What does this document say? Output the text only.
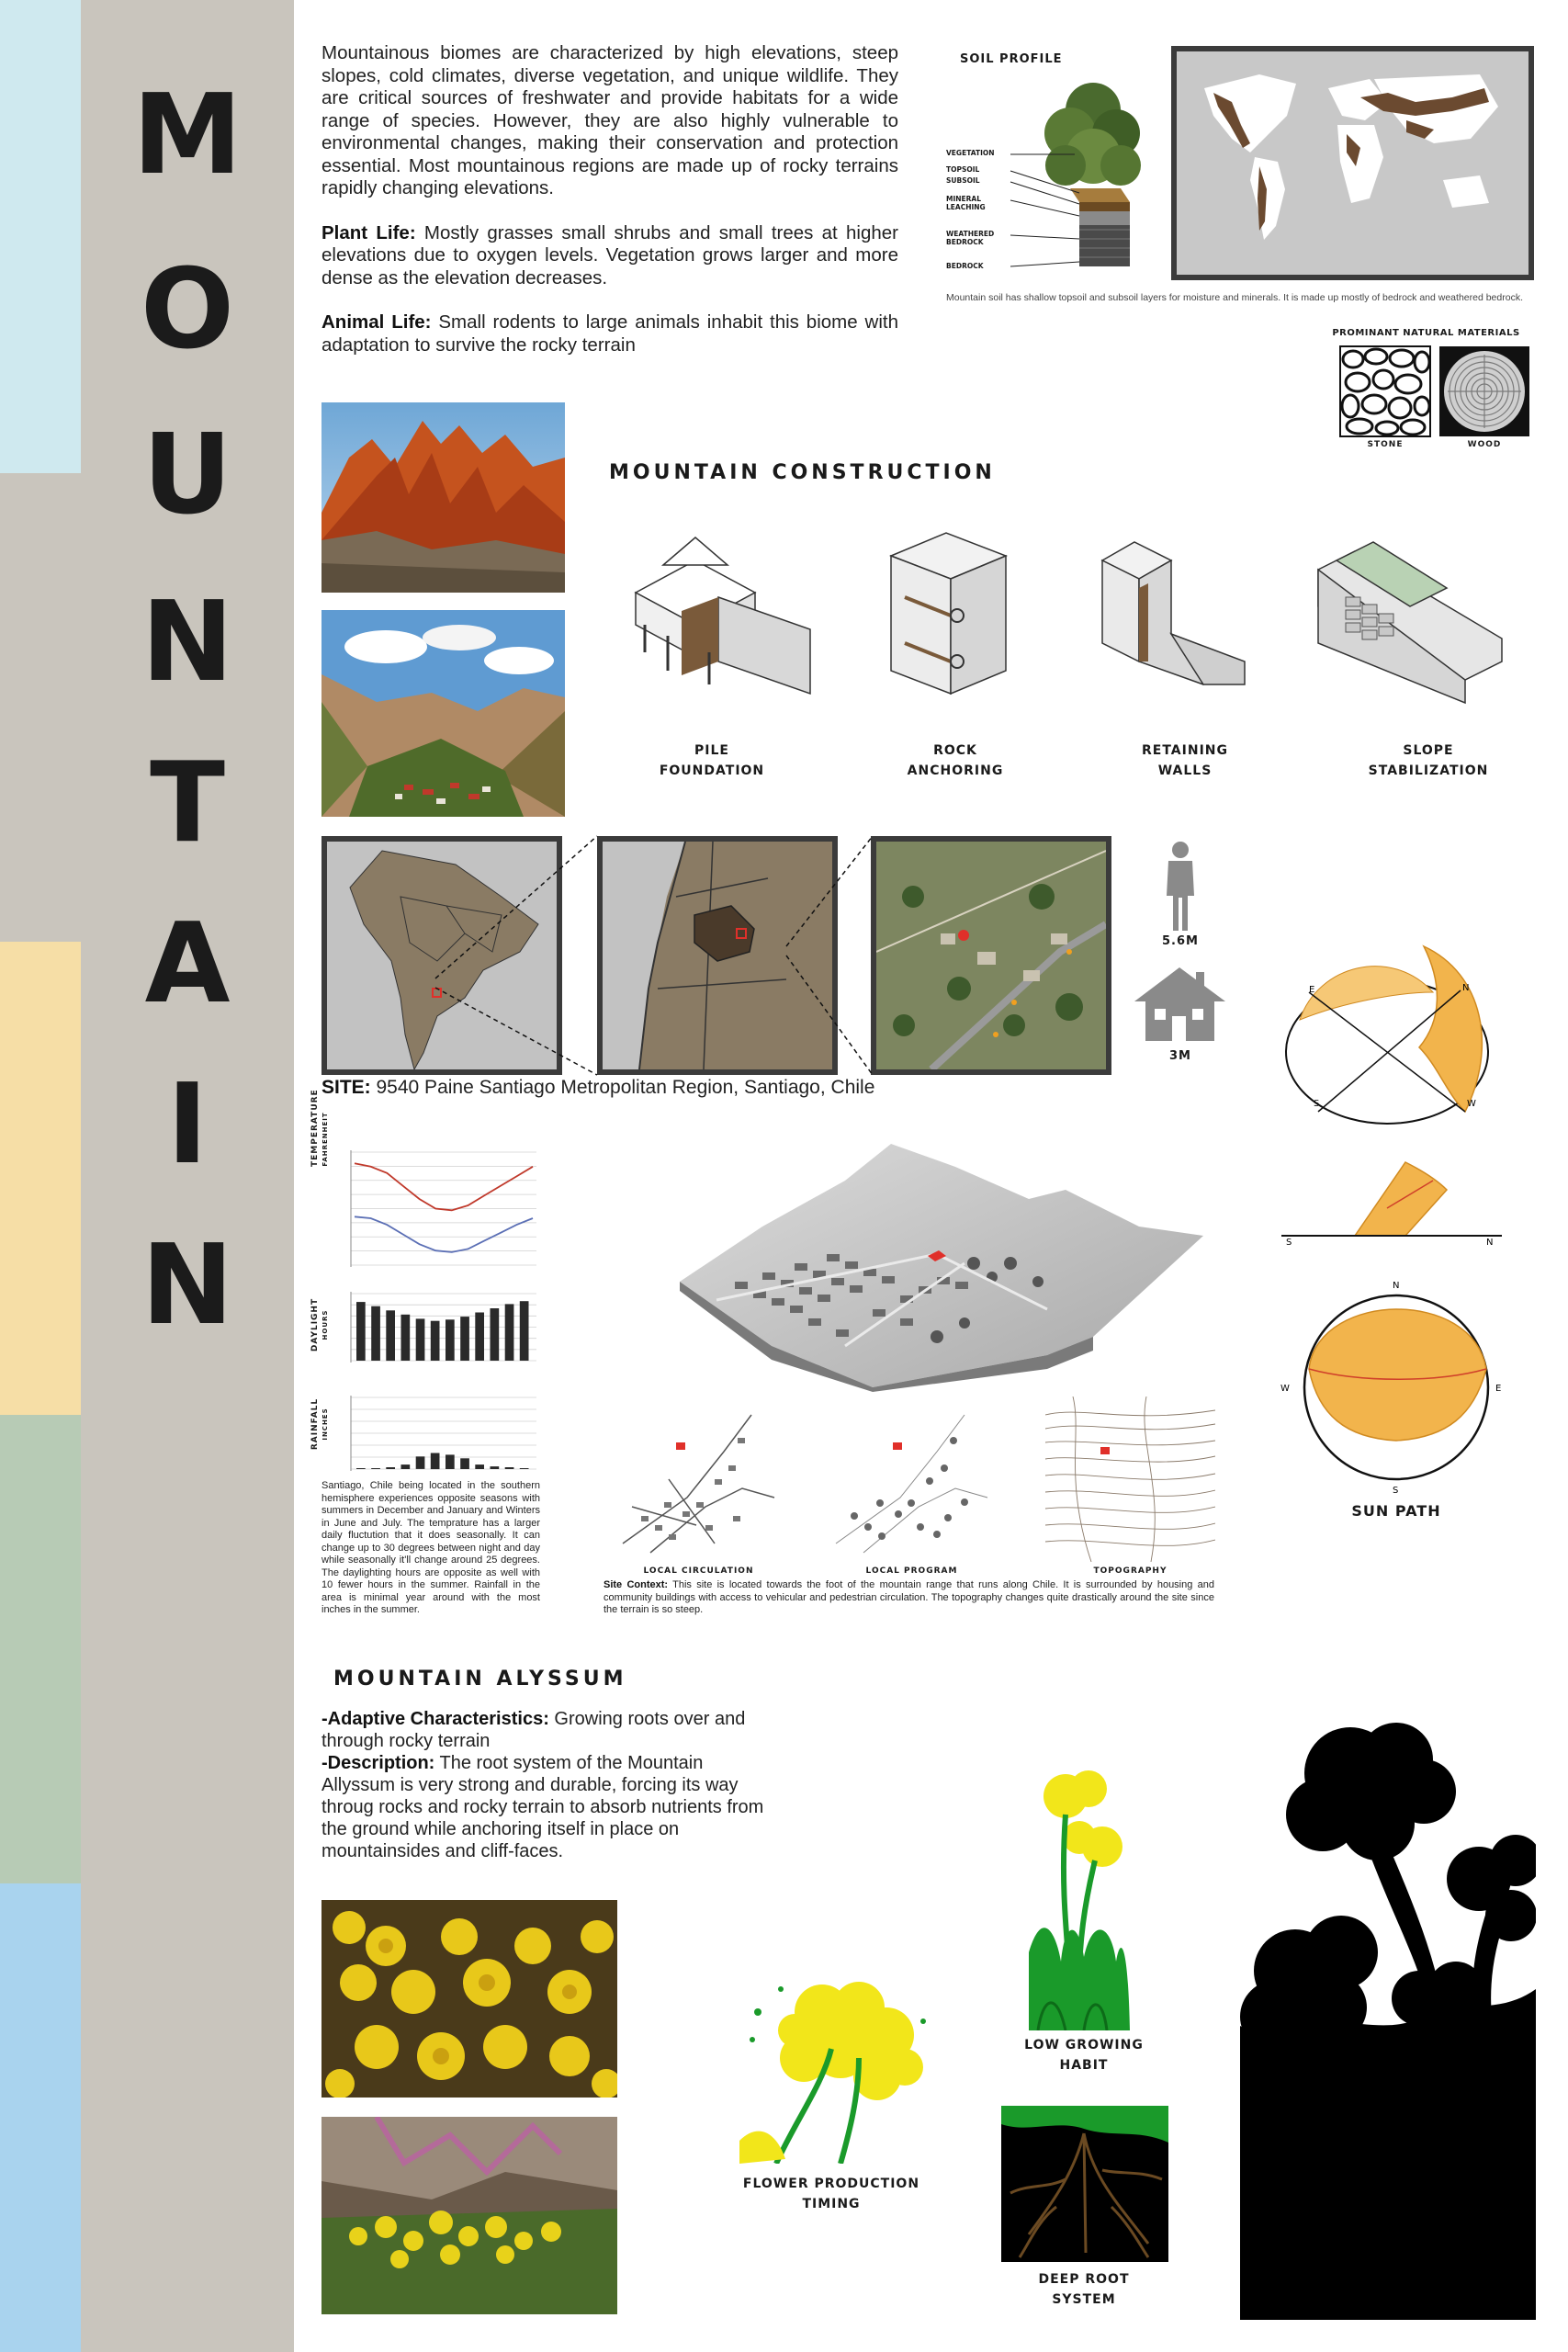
M
O
U
N
T
A
I
N
Mountainous biomes are characterized by high elevations, steep slopes, cold climates, diverse vegetation, and unique wildlife. They are critical sources of freshwater and provide habitats for a wide range of species. However, they are also highly vulnerable to environmental changes, making their conservation and protection essential. Most mountainous regions are made up of rocky terrains rapidly changing elevations.
Plant Life: Mostly grasses small shrubs and small trees at higher elevations due to oxygen levels. Vegetation grows larger and more dense as the elevation decreases.
Animal Life: Small rodents to large animals inhabit this biome with adaptation to survive the rocky terrain
SOIL PROFILE
VEGETATION
TOPSOIL
SUBSOIL
MINERAL LEACHING
WEATHERED BEDROCK
BEDROCK
Mountain soil has shallow topsoil and subsoil layers for moisture and minerals. It is made up mostly of bedrock and weathered bedrock.
PROMINANT NATURAL MATERIALS
STONE	WOOD
MOUNTAIN CONSTRUCTION
PILE
FOUNDATION
ROCK
ANCHORING
RETAINING
WALLS
SLOPE
STABILIZATION
SITE: 9540 Paine Santiago Metropolitan Region, Santiago, Chile
5.6M
3M
E	N
S	W
S	N
N
S
W	E
SUN PATH
TEMPERATURE FAHRENHEIT
DAYLIGHT HOURS
RAINFALL INCHES
Santiago, Chile being located in the southern hemisphere experiences opposite seasons with summers in December and January and Winters in June and July. The temprature has a larger daily fluctution that it does seasonally. It can change up to 30 degrees between night and day while seasonally it'll change around 25 degrees. The daylighting hours are opposite as well with 10 fewer hours in the summer. Rainfall in the area is minimal year around with the most inches in the summer.
LOCAL CIRCULATION	LOCAL PROGRAM	TOPOGRAPHY
Site Context: This site is located towards the foot of the mountain range that runs along Chile. It is surrounded by housing and community buildings with access to vehicular and pedestrian circulation. The topography changes quite drastically around the site since the terrain is so steep.
MOUNTAIN ALYSSUM
-Adaptive Characteristics: Growing roots over and through rocky terrain
-Description: The root system of the Mountain Allyssum is very strong and durable, forcing its way throug rocks and rocky terrain to absorb nutrients from the ground while anchoring itself in place on mountainsides and cliff-faces.
FLOWER PRODUCTION
TIMING
LOW GROWING
HABIT
DEEP ROOT
SYSTEM
